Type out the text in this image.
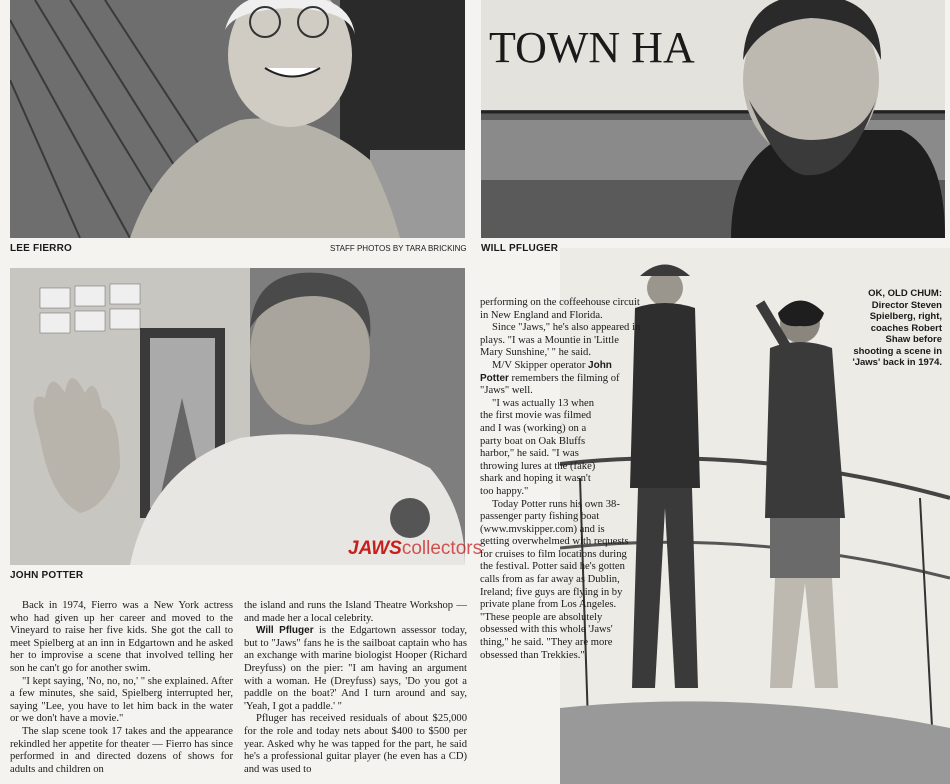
LEE FIERRO	STAFF PHOTOS BY TARA BRICKING
TOWN HA
WILL PFLUGER
JOHN POTTER
OK, OLD CHUM: Director Steven Spielberg, right, coaches Robert Shaw before shooting a scene in 'Jaws' back in 1974.

Back in 1974, Fierro was a New York actress who had given up her career and moved to the Vineyard to raise her five kids. She got the call to meet Spielberg at an inn in Edgartown and he asked her to improvise a scene that involved telling her son he can't go for another swim.

"I kept saying, 'No, no, no,' " she explained. After a few minutes, she said, Spielberg interrupted her, saying "Lee, you have to let him back in the water or we don't have a movie."

The slap scene took 17 takes and the appearance rekindled her appetite for theater — Fierro has since performed in and directed dozens of shows for adults and children on

the island and runs the Island Theatre Workshop — and made her a local celebrity.

Will Pfluger is the Edgartown assessor today, but to "Jaws" fans he is the sailboat captain who has an exchange with marine biologist Hooper (Richard Dreyfuss) on the pier: "I am having an argument with a woman. He (Dreyfuss) says, 'Do you got a paddle on the boat?' And I turn around and say, 'Yeah, I got a paddle.' "

Pfluger has received residuals of about $25,000 for the role and today nets about $400 to $500 per year. Asked why he was tapped for the part, he said he's a professional guitar player (he even has a CD) and was used to

performing on the coffeehouse circuit in New England and Florida.

Since "Jaws," he's also appeared in plays. "I was a Mountie in 'Little Mary Sunshine,' " he said.

M/V Skipper operator John Potter remembers the filming of "Jaws" well.

"I was actually 13 when the first movie was filmed and I was (working) on a party boat on Oak Bluffs harbor," he said. "I was throwing lures at the (fake) shark and hoping it wasn't too happy."

Today Potter runs his own 38-passenger party fishing boat (www.mvskipper.com) and is getting overwhelmed with requests for cruises to film locations during the festival. Potter said he's gotten calls from as far away as Dublin, Ireland; five guys are flying in by private plane from Los Angeles. "These people are absolutely obsessed with this whole 'Jaws' thing," he said. "They are more obsessed than Trekkies."

JAWScollectors
